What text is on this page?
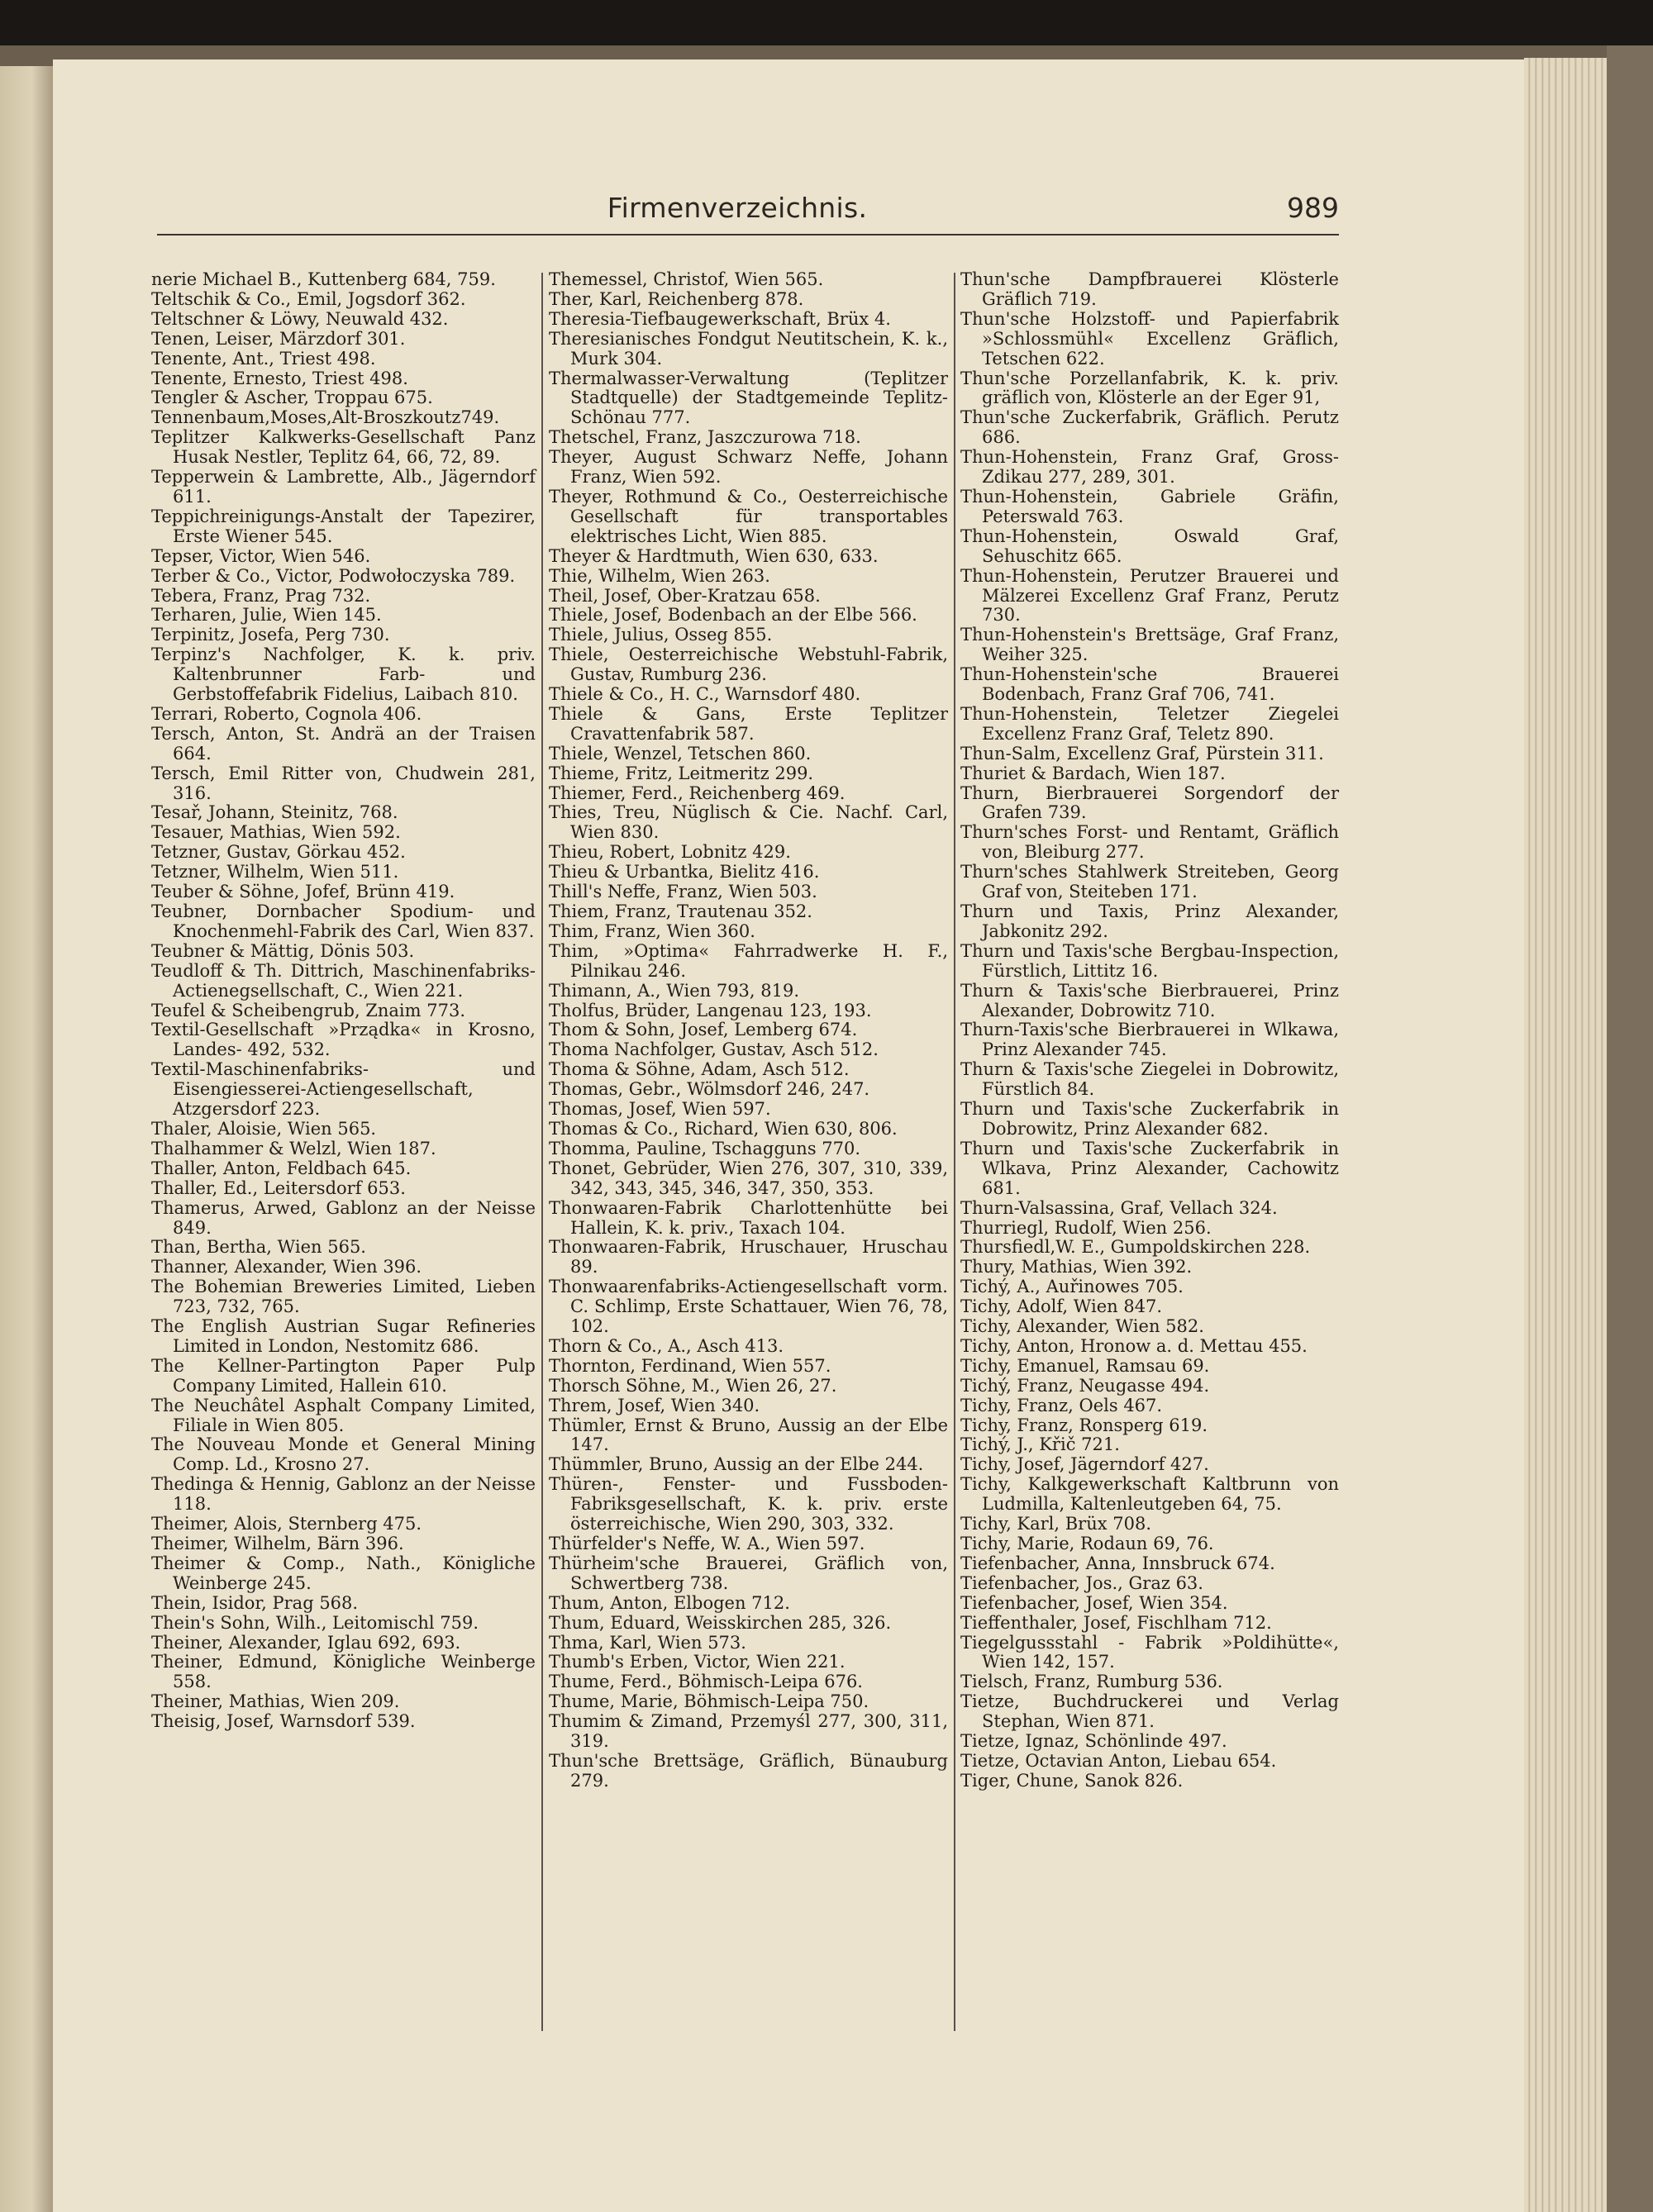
Firmenverzeichnis.	989

nerie Michael B., Kuttenberg 684, 759.

Teltschik & Co., Emil, Jogsdorf 362.

Teltschner & Löwy, Neuwald 432.

Tenen, Leiser, Märzdorf 301.

Tenente, Ant., Triest 498.

Tenente, Ernesto, Triest 498.

Tengler & Ascher, Troppau 675.

Tennenbaum,Moses,Alt-Broszkoutz749.

Teplitzer Kalkwerks-Gesellschaft Panz Husak Nestler, Teplitz 64, 66, 72, 89.

Tepperwein & Lambrette, Alb., Jägerndorf 611.

Teppichreinigungs-Anstalt der Tapezirer, Erste Wiener 545.

Tepser, Victor, Wien 546.

Terber & Co., Victor, Podwołoczyska 789.

Tebera, Franz, Prag 732.

Terharen, Julie, Wien 145.

Terpinitz, Josefa, Perg 730.

Terpinz's Nachfolger, K. k. priv. Kaltenbrunner Farb- und Gerbstoffefabrik Fidelius, Laibach 810.

Terrari, Roberto, Cognola 406.

Tersch, Anton, St. Andrä an der Traisen 664.

Tersch, Emil Ritter von, Chudwein 281, 316.

Tesař, Johann, Steinitz, 768.

Tesauer, Mathias, Wien 592.

Tetzner, Gustav, Görkau 452.

Tetzner, Wilhelm, Wien 511.

Teuber & Söhne, Jofef, Brünn 419.

Teubner, Dornbacher Spodium- und Knochenmehl-Fabrik des Carl, Wien 837.

Teubner & Mättig, Dönis 503.

Teudloff & Th. Dittrich, Maschinenfabriks-Actienegsellschaft, C., Wien 221.

Teufel & Scheibengrub, Znaim 773.

Textil-Gesellschaft »Prządka« in Krosno, Landes- 492, 532.

Textil-Maschinenfabriks- und Eisengiesserei-Actiengesellschaft, Atzgersdorf 223.

Thaler, Aloisie, Wien 565.

Thalhammer & Welzl, Wien 187.

Thaller, Anton, Feldbach 645.

Thaller, Ed., Leitersdorf 653.

Thamerus, Arwed, Gablonz an der Neisse 849.

Than, Bertha, Wien 565.

Thanner, Alexander, Wien 396.

The Bohemian Breweries Limited, Lieben 723, 732, 765.

The English Austrian Sugar Refineries Limited in London, Nestomitz 686.

The Kellner-Partington Paper Pulp Company Limited, Hallein 610.

The Neuchâtel Asphalt Company Limited, Filiale in Wien 805.

The Nouveau Monde et General Mining Comp. Ld., Krosno 27.

Thedinga & Hennig, Gablonz an der Neisse 118.

Theimer, Alois, Sternberg 475.

Theimer, Wilhelm, Bärn 396.

Theimer & Comp., Nath., Königliche Weinberge 245.

Thein, Isidor, Prag 568.

Thein's Sohn, Wilh., Leitomischl 759.

Theiner, Alexander, Iglau 692, 693.

Theiner, Edmund, Königliche Weinberge 558.

Theiner, Mathias, Wien 209.

Theisig, Josef, Warnsdorf 539.

Themessel, Christof, Wien 565.

Ther, Karl, Reichenberg 878.

Theresia-Tiefbaugewerkschaft, Brüx 4.

Theresianisches Fondgut Neutitschein, K. k., Murk 304.

Thermalwasser-Verwaltung (Teplitzer Stadtquelle) der Stadtgemeinde Teplitz-Schönau 777.

Thetschel, Franz, Jaszczurowa 718.

Theyer, August Schwarz Neffe, Johann Franz, Wien 592.

Theyer, Rothmund & Co., Oesterreichische Gesellschaft für transportables elektrisches Licht, Wien 885.

Theyer & Hardtmuth, Wien 630, 633.

Thie, Wilhelm, Wien 263.

Theil, Josef, Ober-Kratzau 658.

Thiele, Josef, Bodenbach an der Elbe 566.

Thiele, Julius, Osseg 855.

Thiele, Oesterreichische Webstuhl-Fabrik, Gustav, Rumburg 236.

Thiele & Co., H. C., Warnsdorf 480.

Thiele & Gans, Erste Teplitzer Cravattenfabrik 587.

Thiele, Wenzel, Tetschen 860.

Thieme, Fritz, Leitmeritz 299.

Thiemer, Ferd., Reichenberg 469.

Thies, Treu, Nüglisch & Cie. Nachf. Carl, Wien 830.

Thieu, Robert, Lobnitz 429.

Thieu & Urbantka, Bielitz 416.

Thill's Neffe, Franz, Wien 503.

Thiem, Franz, Trautenau 352.

Thim, Franz, Wien 360.

Thim, »Optima« Fahrradwerke H. F., Pilnikau 246.

Thimann, A., Wien 793, 819.

Tholfus, Brüder, Langenau 123, 193.

Thom & Sohn, Josef, Lemberg 674.

Thoma Nachfolger, Gustav, Asch 512.

Thoma & Söhne, Adam, Asch 512.

Thomas, Gebr., Wölmsdorf 246, 247.

Thomas, Josef, Wien 597.

Thomas & Co., Richard, Wien 630, 806.

Thomma, Pauline, Tschagguns 770.

Thonet, Gebrüder, Wien 276, 307, 310, 339, 342, 343, 345, 346, 347, 350, 353.

Thonwaaren-Fabrik Charlottenhütte bei Hallein, K. k. priv., Taxach 104.

Thonwaaren-Fabrik, Hruschauer, Hruschau 89.

Thonwaarenfabriks-Actiengesellschaft vorm. C. Schlimp, Erste Schattauer, Wien 76, 78, 102.

Thorn & Co., A., Asch 413.

Thornton, Ferdinand, Wien 557.

Thorsch Söhne, M., Wien 26, 27.

Threm, Josef, Wien 340.

Thümler, Ernst & Bruno, Aussig an der Elbe 147.

Thümmler, Bruno, Aussig an der Elbe 244.

Thüren-, Fenster- und Fussboden-Fabriksgesellschaft, K. k. priv. erste österreichische, Wien 290, 303, 332.

Thürfelder's Neffe, W. A., Wien 597.

Thürheim'sche Brauerei, Gräflich von, Schwertberg 738.

Thum, Anton, Elbogen 712.

Thum, Eduard, Weisskirchen 285, 326.

Thma, Karl, Wien 573.

Thumb's Erben, Victor, Wien 221.

Thume, Ferd., Böhmisch-Leipa 676.

Thume, Marie, Böhmisch-Leipa 750.

Thumim & Zimand, Przemyśl 277, 300, 311, 319.

Thun'sche Brettsäge, Gräflich, Bünauburg 279.

Thun'sche Dampfbrauerei Klösterle Gräflich 719.

Thun'sche Holzstoff- und Papierfabrik »Schlossmühl« Excellenz Gräflich, Tetschen 622.

Thun'sche Porzellanfabrik, K. k. priv. gräflich von, Klösterle an der Eger 91,

Thun'sche Zuckerfabrik, Gräflich. Perutz 686.

Thun-Hohenstein, Franz Graf, Gross-Zdikau 277, 289, 301.

Thun-Hohenstein, Gabriele Gräfin, Peterswald 763.

Thun-Hohenstein, Oswald Graf, Sehuschitz 665.

Thun-Hohenstein, Perutzer Brauerei und Mälzerei Excellenz Graf Franz, Perutz 730.

Thun-Hohenstein's Brettsäge, Graf Franz, Weiher 325.

Thun-Hohenstein'sche Brauerei Bodenbach, Franz Graf 706, 741.

Thun-Hohenstein, Teletzer Ziegelei Excellenz Franz Graf, Teletz 890.

Thun-Salm, Excellenz Graf, Pürstein 311.

Thuriet & Bardach, Wien 187.

Thurn, Bierbrauerei Sorgendorf der Grafen 739.

Thurn'sches Forst- und Rentamt, Gräflich von, Bleiburg 277.

Thurn'sches Stahlwerk Streiteben, Georg Graf von, Steiteben 171.

Thurn und Taxis, Prinz Alexander, Jabkonitz 292.

Thurn und Taxis'sche Bergbau-Inspection, Fürstlich, Littitz 16.

Thurn & Taxis'sche Bierbrauerei, Prinz Alexander, Dobrowitz 710.

Thurn-Taxis'sche Bierbrauerei in Wlkawa, Prinz Alexander 745.

Thurn & Taxis'sche Ziegelei in Dobrowitz, Fürstlich 84.

Thurn und Taxis'sche Zuckerfabrik in Dobrowitz, Prinz Alexander 682.

Thurn und Taxis'sche Zuckerfabrik in Wlkava, Prinz Alexander, Cachowitz 681.

Thurn-Valsassina, Graf, Vellach 324.

Thurriegl, Rudolf, Wien 256.

Thursfiedl,W. E., Gumpoldskirchen 228.

Thury, Mathias, Wien 392.

Tichý, A., Auřinowes 705.

Tichy, Adolf, Wien 847.

Tichy, Alexander, Wien 582.

Tichy, Anton, Hronow a. d. Mettau 455.

Tichy, Emanuel, Ramsau 69.

Tichý, Franz, Neugasse 494.

Tichy, Franz, Oels 467.

Tichy, Franz, Ronsperg 619.

Tichý, J., Křič 721.

Tichy, Josef, Jägerndorf 427.

Tichy, Kalkgewerkschaft Kaltbrunn von Ludmilla, Kaltenleutgeben 64, 75.

Tichy, Karl, Brüx 708.

Tichy, Marie, Rodaun 69, 76.

Tiefenbacher, Anna, Innsbruck 674.

Tiefenbacher, Jos., Graz 63.

Tiefenbacher, Josef, Wien 354.

Tieffenthaler, Josef, Fischlham 712.

Tiegelgussstahl - Fabrik »Poldihütte«, Wien 142, 157.

Tielsch, Franz, Rumburg 536.

Tietze, Buchdruckerei und Verlag Stephan, Wien 871.

Tietze, Ignaz, Schönlinde 497.

Tietze, Octavian Anton, Liebau 654.

Tiger, Chune, Sanok 826.
